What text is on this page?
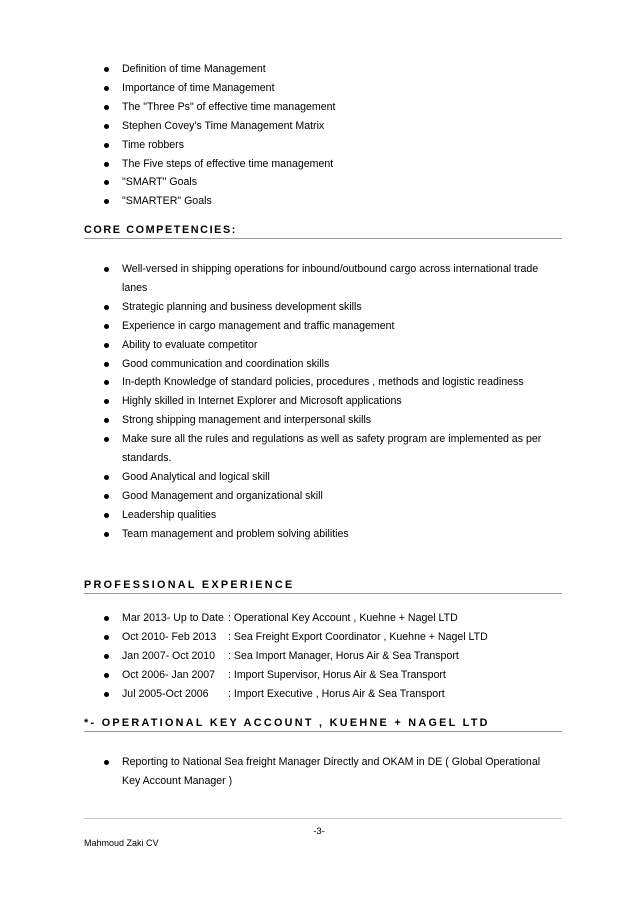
Definition of time Management
Importance of time Management
The "Three Ps" of effective time management
Stephen Covey's Time Management Matrix
Time robbers
The Five steps of effective time management
"SMART" Goals
"SMARTER" Goals
CORE COMPETENCIES:
Well-versed in shipping operations for inbound/outbound cargo across international trade lanes
Strategic planning and business development skills
Experience in cargo management and traffic management
Ability to evaluate competitor
Good communication and coordination skills
In-depth Knowledge of standard policies, procedures , methods and logistic readiness
Highly skilled in Internet Explorer and Microsoft applications
Strong shipping management and interpersonal skills
Make sure all the rules and regulations as well as safety program are implemented as per standards.
Good Analytical and logical skill
Good Management and organizational skill
Leadership qualities
Team management and problem solving abilities
PROFESSIONAL EXPERIENCE
Mar 2013- Up to Date : Operational Key Account , Kuehne + Nagel LTD
Oct 2010- Feb 2013 : Sea Freight Export Coordinator , Kuehne + Nagel LTD
Jan 2007- Oct 2010 : Sea Import Manager, Horus Air & Sea Transport
Oct 2006- Jan 2007 : Import Supervisor, Horus Air & Sea Transport
Jul 2005-Oct 2006 : Import Executive , Horus Air & Sea Transport
*- OPERATIONAL KEY ACCOUNT , KUEHNE + NAGEL LTD
Reporting to National Sea freight Manager Directly and OKAM in DE ( Global Operational Key Account Manager )
-3-
Mahmoud Zaki CV
